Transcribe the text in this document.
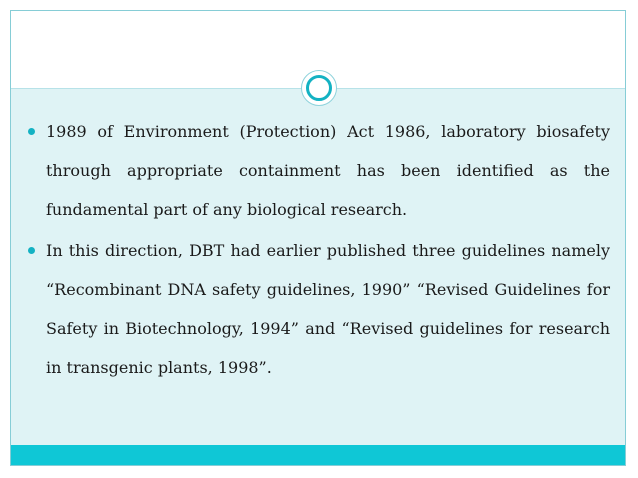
1989 of Environment (Protection) Act 1986, laboratory biosafety through appropriate containment has been identified as the fundamental part of any biological research.
In this direction, DBT had earlier published three guidelines namely “Recombinant DNA safety guidelines, 1990” “Revised Guidelines for Safety in Biotechnology, 1994” and “Revised guidelines for research in transgenic plants, 1998”.
